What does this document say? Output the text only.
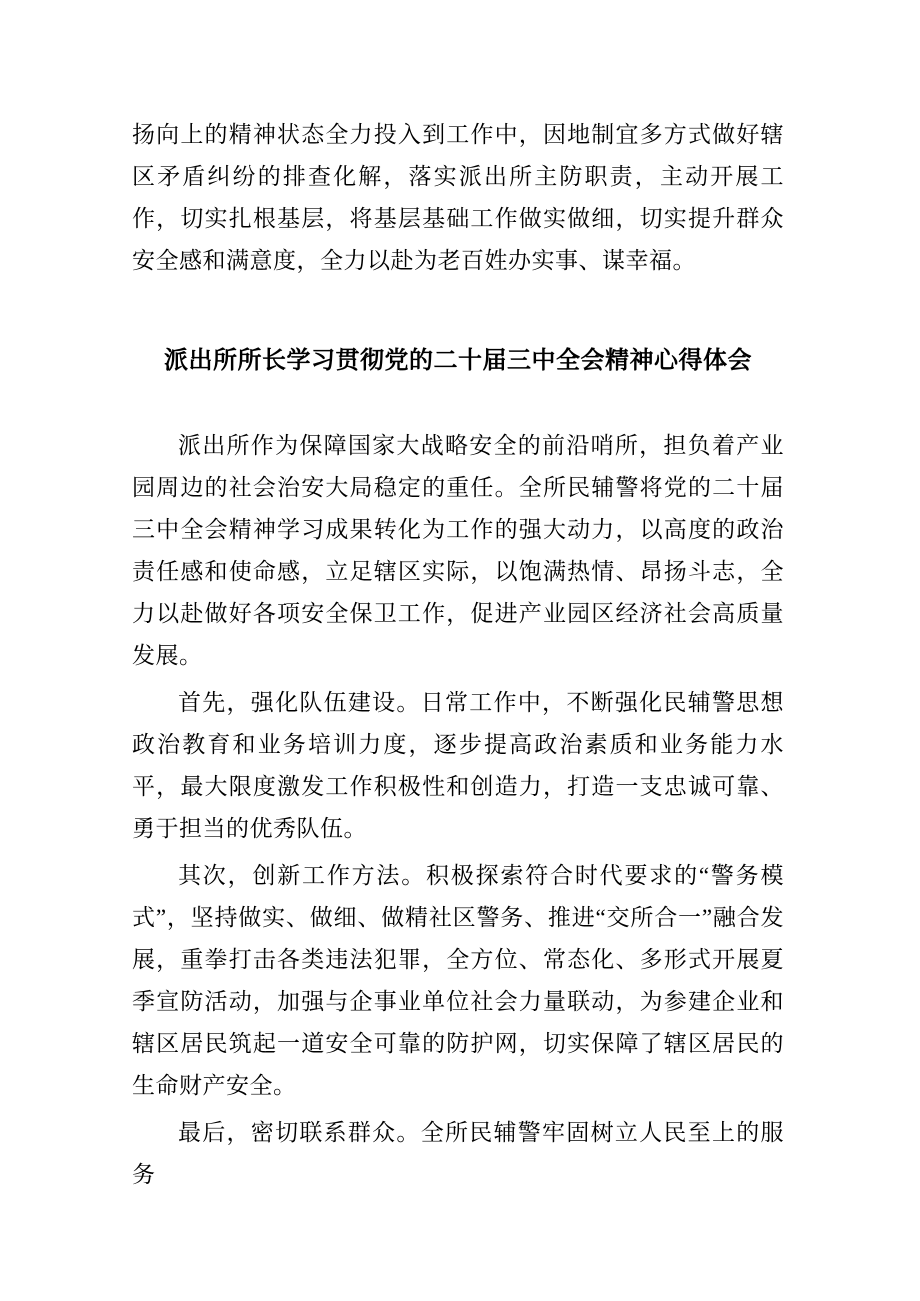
扬向上的精神状态全力投入到工作中，因地制宜多方式做好辖区矛盾纠纷的排查化解，落实派出所主防职责，主动开展工作，切实扎根基层，将基层基础工作做实做细，切实提升群众安全感和满意度，全力以赴为老百姓办实事、谋幸福。

派出所所长学习贯彻党的二十届三中全会精神心得体会

派出所作为保障国家大战略安全的前沿哨所，担负着产业园周边的社会治安大局稳定的重任。全所民辅警将党的二十届三中全会精神学习成果转化为工作的强大动力，以高度的政治责任感和使命感，立足辖区实际，以饱满热情、昂扬斗志，全力以赴做好各项安全保卫工作，促进产业园区经济社会高质量发展。

首先，强化队伍建设。日常工作中，不断强化民辅警思想政治教育和业务培训力度，逐步提高政治素质和业务能力水平，最大限度激发工作积极性和创造力，打造一支忠诚可靠、勇于担当的优秀队伍。

其次，创新工作方法。积极探索符合时代要求的“警务模式”，坚持做实、做细、做精社区警务、推进“交所合一”融合发展，重拳打击各类违法犯罪，全方位、常态化、多形式开展夏季宣防活动，加强与企事业单位社会力量联动，为参建企业和辖区居民筑起一道安全可靠的防护网，切实保障了辖区居民的生命财产安全。

最后，密切联系群众。全所民辅警牢固树立人民至上的服务
